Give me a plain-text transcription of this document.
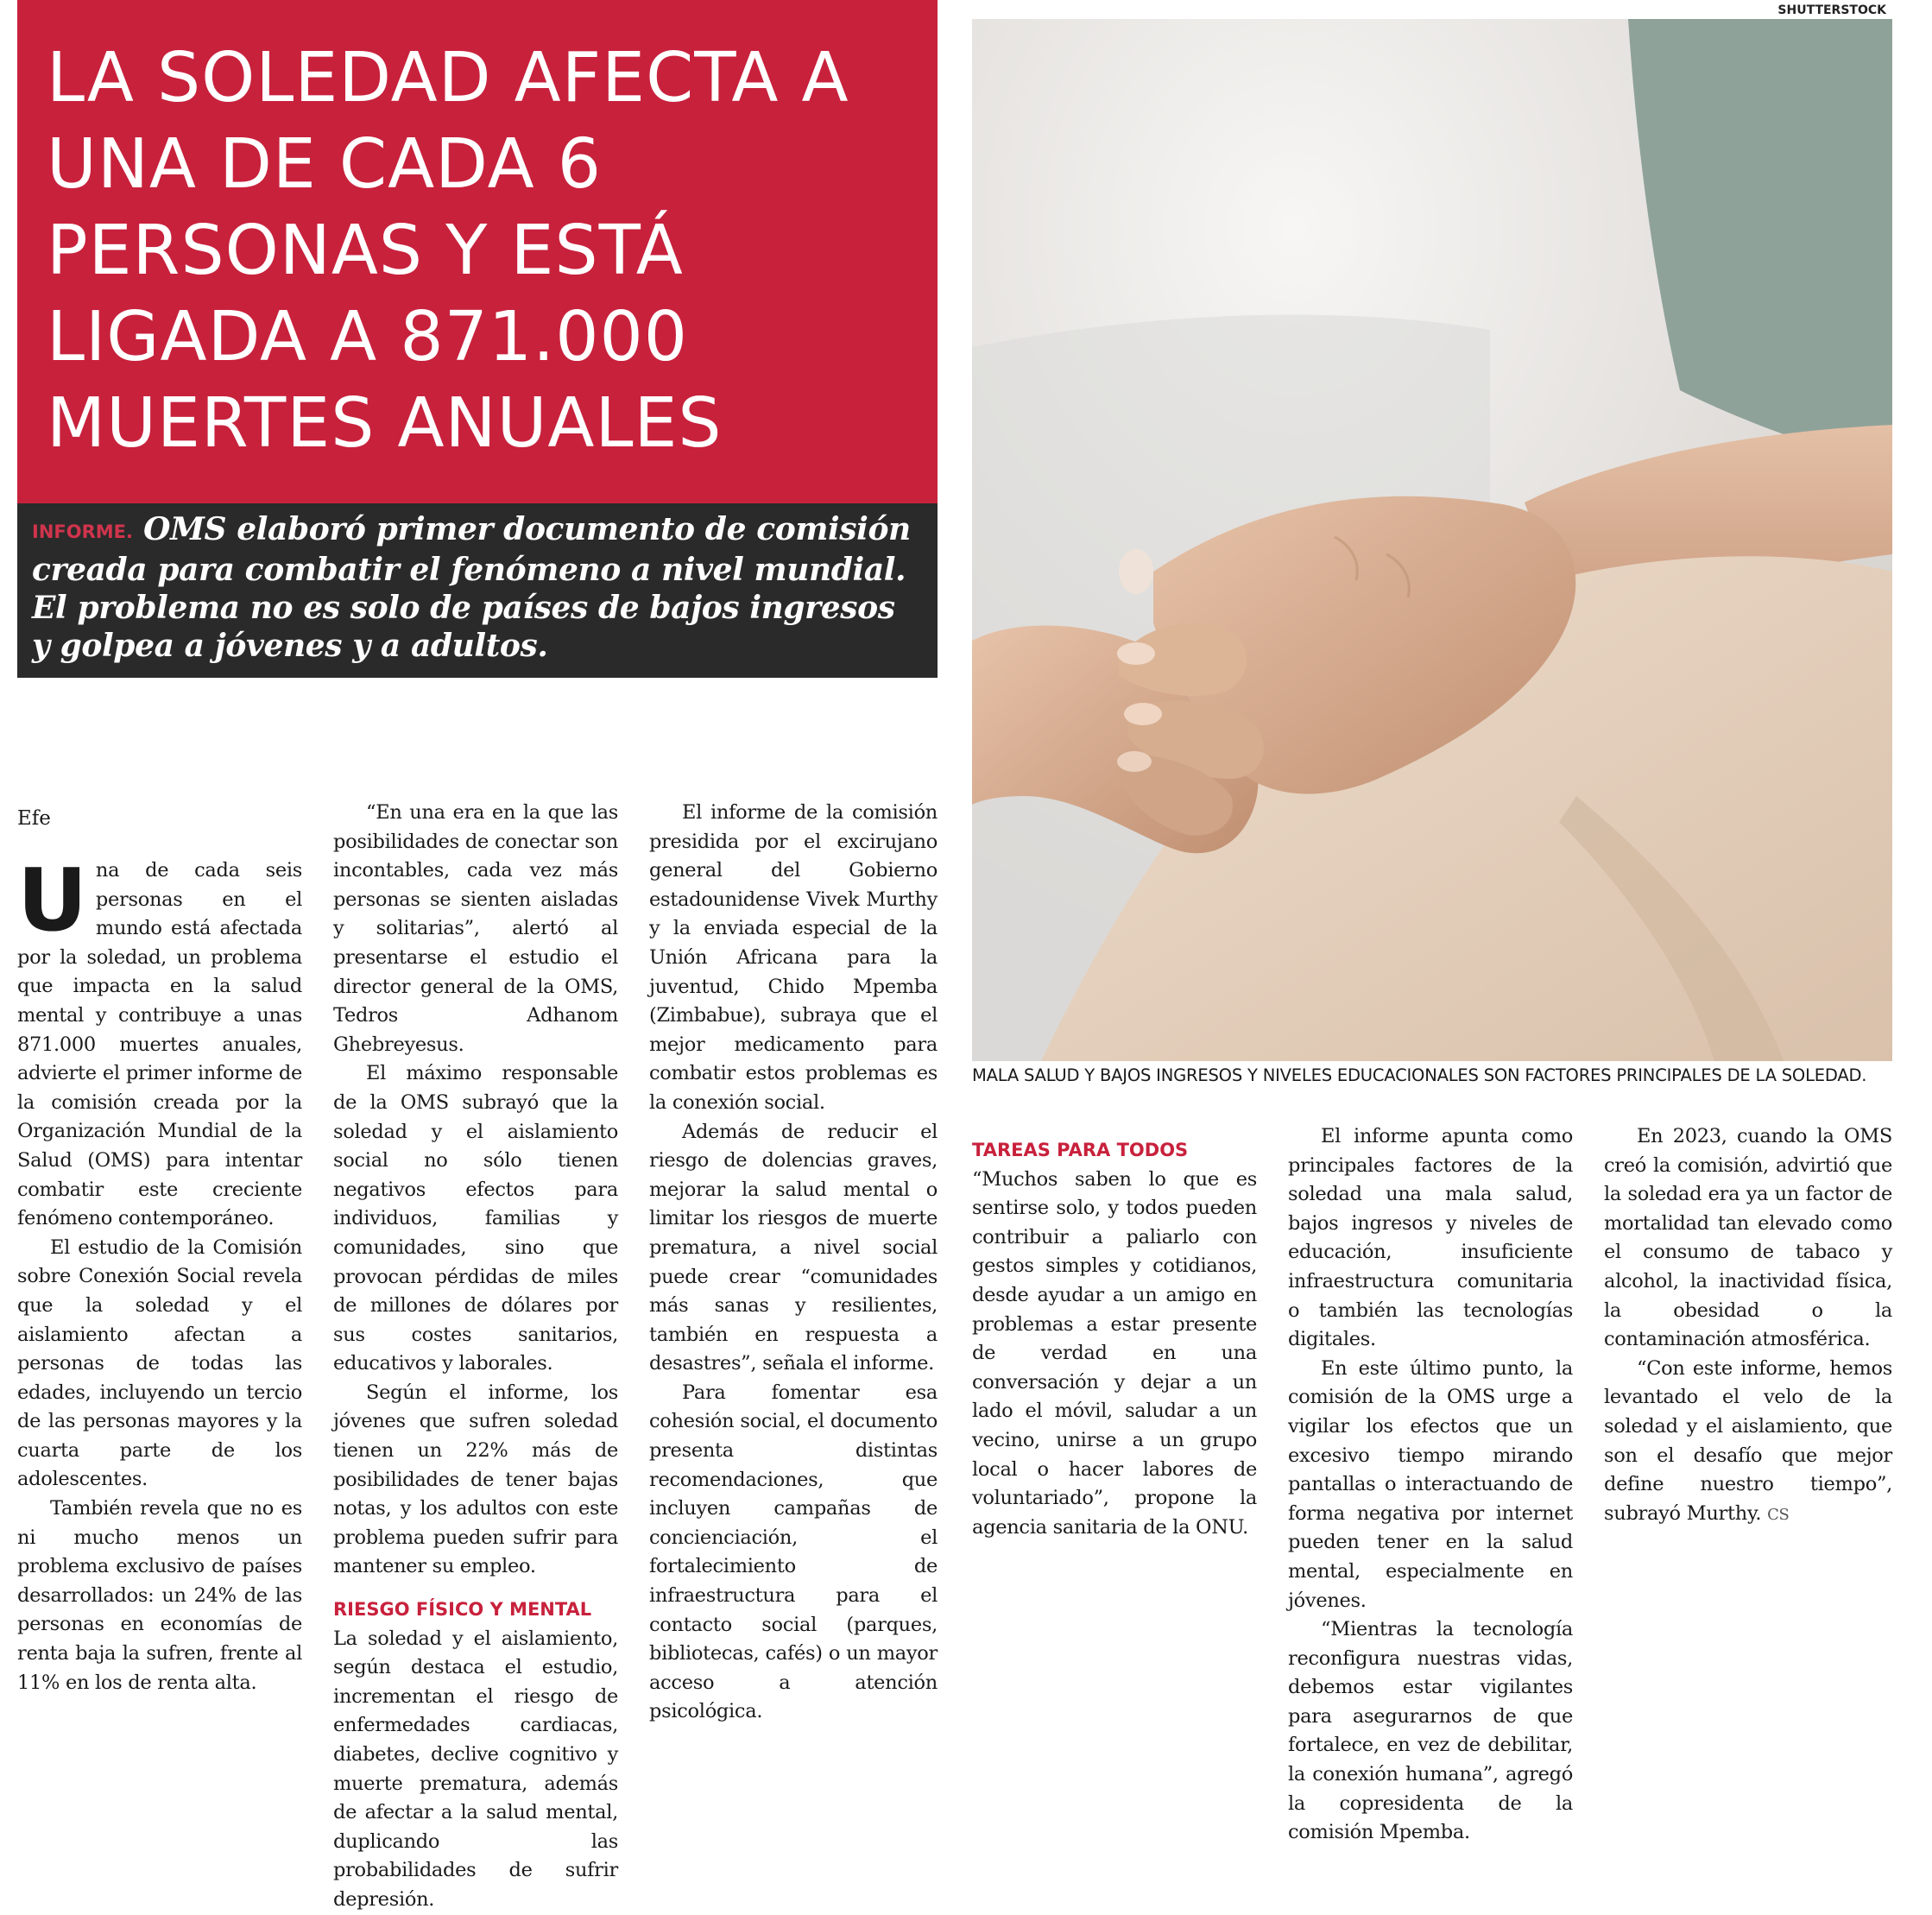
LA SOLEDAD AFECTA A UNA DE CADA 6 PERSONAS Y ESTÁ LIGADA A 871.000 MUERTES ANUALES

INFORME. OMS elaboró primer documento de comisión creada para combatir el fenómeno a nivel mundial. El problema no es solo de países de bajos ingresos y golpea a jóvenes y a adultos.

SHUTTERSTOCK
MALA SALUD Y BAJOS INGRESOS Y NIVELES EDUCACIONALES SON FACTORES PRINCIPALES DE LA SOLEDAD.
Efe

Una de cada seis personas en el mundo está afectada por la soledad, un problema que impacta en la salud mental y contribuye a unas 871.000 muertes anuales, advierte el primer informe de la comisión creada por la Organización Mundial de la Salud (OMS) para intentar combatir este creciente fenómeno contemporáneo.

El estudio de la Comisión sobre Conexión Social revela que la soledad y el aislamiento afectan a personas de todas las edades, incluyendo un tercio de las personas mayores y la cuarta parte de los adolescentes.

También revela que no es ni mucho menos un problema exclusivo de países desarrollados: un 24% de las personas en economías de renta baja la sufren, frente al 11% en los de renta alta.

“En una era en la que las posibilidades de conectar son incontables, cada vez más personas se sienten aisladas y solitarias”, alertó al presentarse el estudio el director general de la OMS, Tedros Adhanom Ghebreyesus.

El máximo responsable de la OMS subrayó que la soledad y el aislamiento social no sólo tienen negativos efectos para individuos, familias y comunidades, sino que provocan pérdidas de miles de millones de dólares por sus costes sanitarios, educativos y laborales.

Según el informe, los jóvenes que sufren soledad tienen un 22% más de posibilidades de tener bajas notas, y los adultos con este problema pueden sufrir para mantener su empleo.

RIESGO FÍSICO Y MENTAL

La soledad y el aislamiento, según destaca el estudio, incrementan el riesgo de enfermedades cardiacas, diabetes, declive cognitivo y muerte prematura, además de afectar a la salud mental, duplicando las probabilidades de sufrir depresión.

El informe de la comisión presidida por el excirujano general del Gobierno estadounidense Vivek Murthy y la enviada especial de la Unión Africana para la juventud, Chido Mpemba (Zimbabue), subraya que el mejor medicamento para combatir estos problemas es la conexión social.

Además de reducir el riesgo de dolencias graves, mejorar la salud mental o limitar los riesgos de muerte prematura, a nivel social puede crear “comunidades más sanas y resilientes, también en respuesta a desastres”, señala el informe.

Para fomentar esa cohesión social, el documento presenta distintas recomendaciones, que incluyen campañas de concienciación, el fortalecimiento de infraestructura para el contacto social (parques, bibliotecas, cafés) o un mayor acceso a atención psicológica.

TAREAS PARA TODOS

“Muchos saben lo que es sentirse solo, y todos pueden contribuir a paliarlo con gestos simples y cotidianos, desde ayudar a un amigo en problemas a estar presente de verdad en una conversación y dejar a un lado el móvil, saludar a un vecino, unirse a un grupo local o hacer labores de voluntariado”, propone la agencia sanitaria de la ONU.

El informe apunta como principales factores de la soledad una mala salud, bajos ingresos y niveles de educación, insuficiente infraestructura comunitaria o también las tecnologías digitales.

En este último punto, la comisión de la OMS urge a vigilar los efectos que un excesivo tiempo mirando pantallas o interactuando de forma negativa por internet pueden tener en la salud mental, especialmente en jóvenes.

“Mientras la tecnología reconfigura nuestras vidas, debemos estar vigilantes para asegurarnos de que fortalece, en vez de debilitar, la conexión humana”, agregó la copresidenta de la comisión Mpemba.

En 2023, cuando la OMS creó la comisión, advirtió que la soledad era ya un factor de mortalidad tan elevado como el consumo de tabaco y alcohol, la inactividad física, la obesidad o la contaminación atmosférica.

“Con este informe, hemos levantado el velo de la soledad y el aislamiento, que son el desafío que mejor define nuestro tiempo”, subrayó Murthy. CS
